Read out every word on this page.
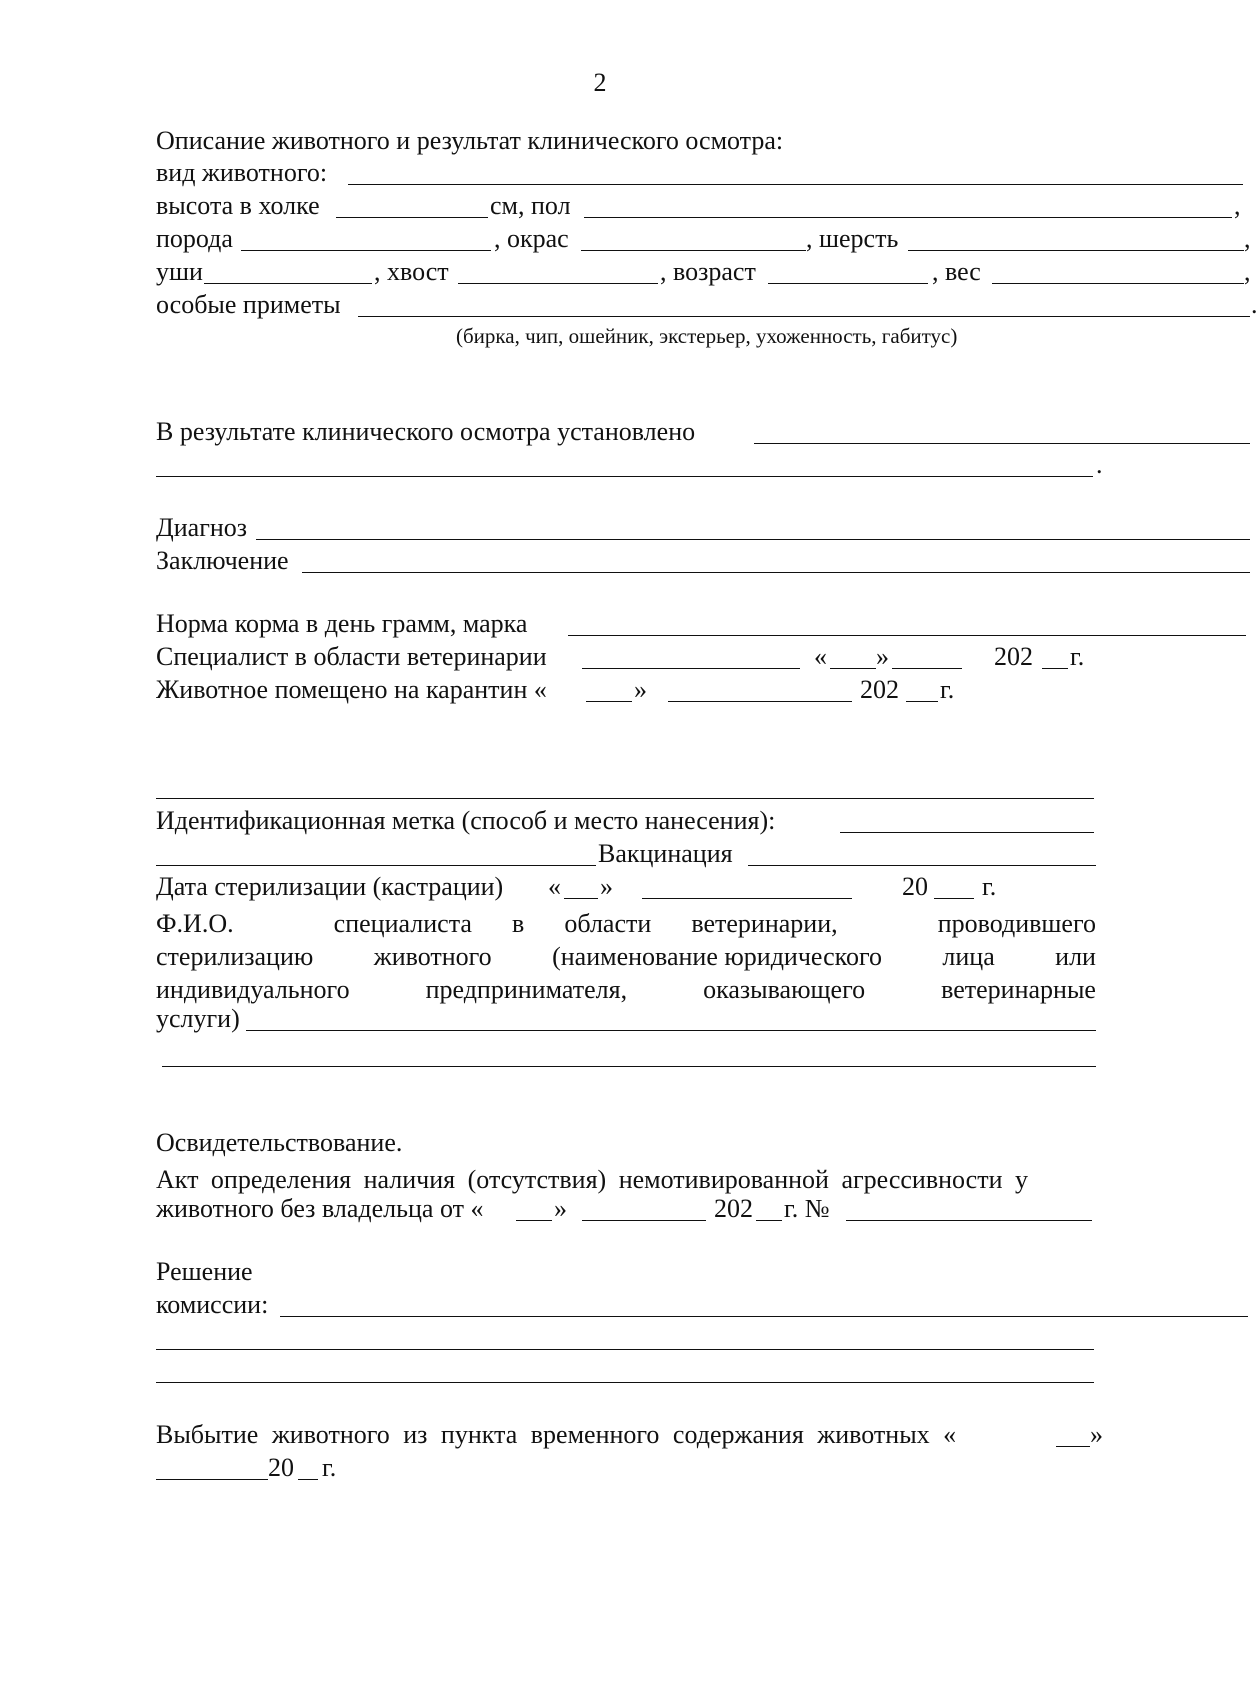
2
Описание животного и результат клинического осмотра:
вид животного:
высота в холке	см, пол	,
порода	, окрас	, шерсть	,
уши	, хвост	, возраст	, вес	,
особые приметы	.
(бирка, чип, ошейник, экстерьер, ухоженность, габитус)
В результате клинического осмотра установлено
.
Диагноз
Заключение
Норма корма в день грамм, марка
Специалист в области ветеринарии	« »	202 г.
Животное помещено на карантин «	»	202 г.
Идентификационная метка (способ и место нанесения):
Вакцинация
Дата стерилизации (кастрации) « »	20 г.
Ф.И.О.	специалиста в области ветеринарии,	проводившего
стерилизацию животного (наименование юридического лица или
индивидуального	предпринимателя,	оказывающего	ветеринарные
услуги)
Освидетельствование.
Акт определения наличия (отсутствия) немотивированной агрессивности у
животного без владельца от «	»	202 г. №
Решение
комиссии:
Выбытие животного из пункта временного содержания животных «	»
20 г.
